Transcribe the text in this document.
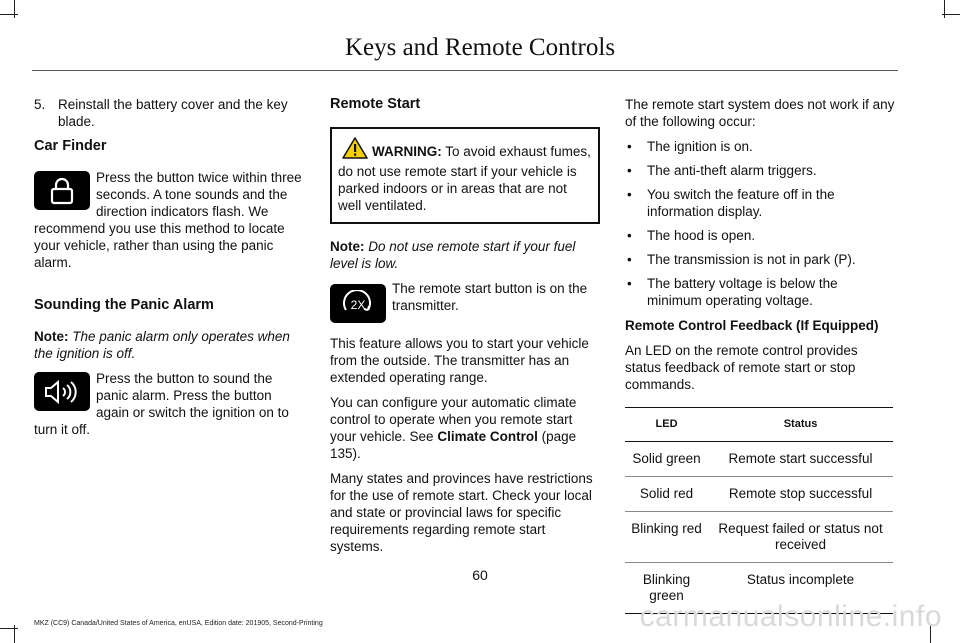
Keys and Remote Controls

5. Reinstall the battery cover and the key blade.

Car Finder

Press the button twice within three seconds. A tone sounds and the direction indicators flash. We recommend you use this method to locate your vehicle, rather than using the panic alarm.

Sounding the Panic Alarm

Note: The panic alarm only operates when the ignition is off.

Press the button to sound the panic alarm. Press the button again or switch the ignition on to turn it off.

Remote Start
WARNING: To avoid exhaust fumes, do not use remote start if your vehicle is parked indoors or in areas that are not well ventilated.

Note: Do not use remote start if your fuel level is low.

2X

The remote start button is on the transmitter.

This feature allows you to start your vehicle from the outside. The transmitter has an extended operating range.

You can configure your automatic climate control to operate when you remote start your vehicle. See Climate Control (page 135).

Many states and provinces have restrictions for the use of remote start. Check your local and state or provincial laws for specific requirements regarding remote start systems.

The remote start system does not work if any of the following occur:

• The ignition is on.
• The anti-theft alarm triggers.
• You switch the feature off in the information display.
• The hood is open.
• The transmission is not in park (P).
• The battery voltage is below the minimum operating voltage.

Remote Control Feedback (If Equipped)

An LED on the remote control provides status feedback of remote start or stop commands.

LED	Status
Solid green	Remote start successful
Solid red	Remote stop successful
Blinking red	Request failed or status not received
Blinking green	Status incomplete
60
MKZ (CC9) Canada/United States of America, enUSA, Edition date: 201905, Second-Printing	carmanualsonline.info
